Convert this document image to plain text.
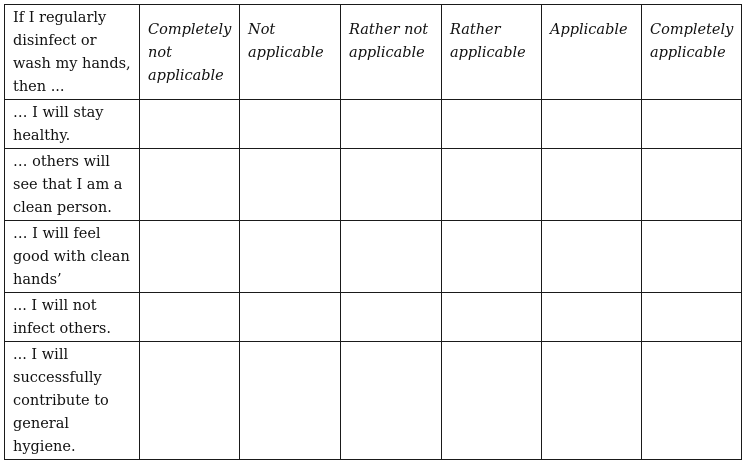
If I regularly disinfect or wash my hands, then ...	Completely not applicable	Not applicable	Rather not applicable	Rather applicable	Applicable	Completely applicable
… I will stay healthy.						
… others will see that I am a clean person.						
… I will feel good with clean hands’						
... I will not infect others.						
... I will successfully contribute to general hygiene.						
